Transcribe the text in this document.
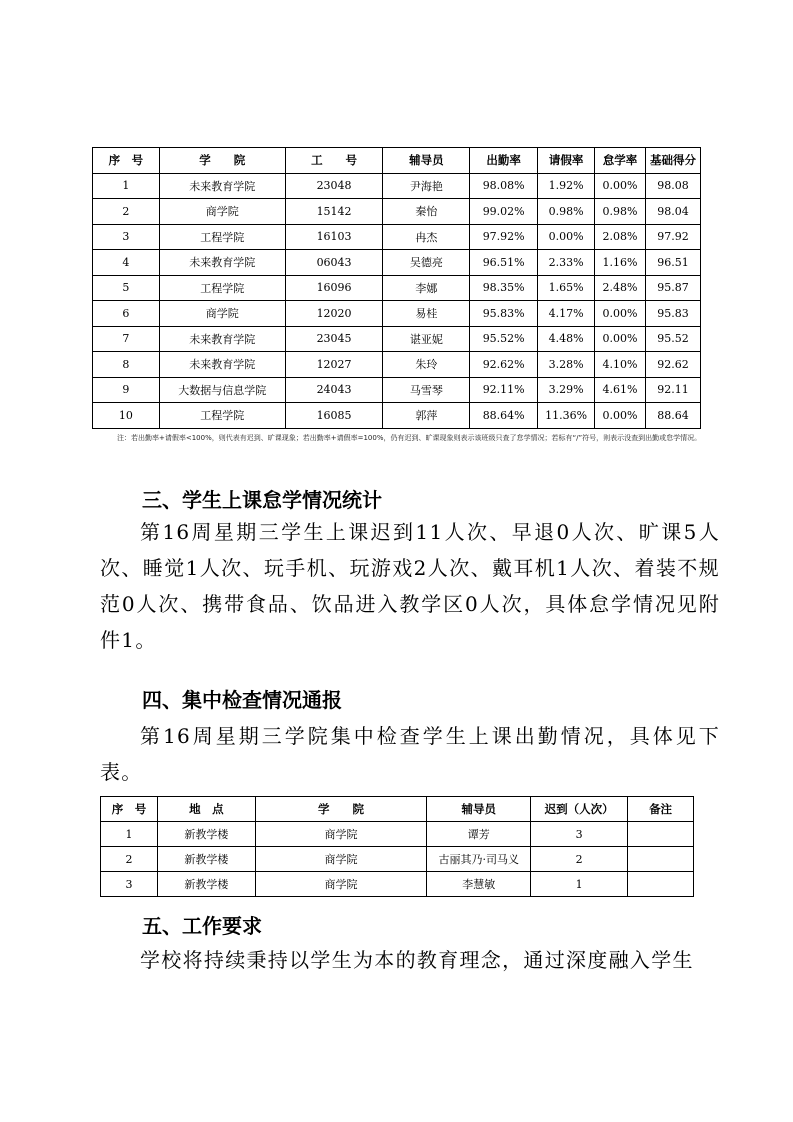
序　号	学　　院	工　　号	辅导员	出勤率	请假率	怠学率	基础得分
1	未来教育学院	23048	尹海艳	98.08%	1.92%	0.00%	98.08
2	商学院	15142	秦怡	99.02%	0.98%	0.98%	98.04
3	工程学院	16103	冉杰	97.92%	0.00%	2.08%	97.92
4	未来教育学院	06043	吴德亮	96.51%	2.33%	1.16%	96.51
5	工程学院	16096	李娜	98.35%	1.65%	2.48%	95.87
6	商学院	12020	易桂	95.83%	4.17%	0.00%	95.83
7	未来教育学院	23045	谌亚妮	95.52%	4.48%	0.00%	95.52
8	未来教育学院	12027	朱玲	92.62%	3.28%	4.10%	92.62
9	大数据与信息学院	24043	马雪琴	92.11%	3.29%	4.61%	92.11
10	工程学院	16085	郭萍	88.64%	11.36%	0.00%	88.64
注：若出勤率+请假率<100%，则代表有迟到、旷课现象；若出勤率+请假率=100%，仍有迟到、旷课现象则表示该班级只查了怠学情况；若标有“/”符号，则表示没查到出勤或怠学情况。
三、学生上课怠学情况统计
第16周星期三学生上课迟到11人次、早退0人次、旷课5人次、睡觉1人次、玩手机、玩游戏2人次、戴耳机1人次、着装不规范0人次、携带食品、饮品进入教学区0人次，具体怠学情况见附件1。
四、集中检查情况通报
第16周星期三学院集中检查学生上课出勤情况，具体见下表。
序　号	地　点	学　　院	辅导员	迟到（人次）	备注
1	新教学楼	商学院	谭芳	3	
2	新教学楼	商学院	古丽其乃·司马义	2	
3	新教学楼	商学院	李慧敏	1	
五、工作要求
学校将持续秉持以学生为本的教育理念，通过深度融入学生
